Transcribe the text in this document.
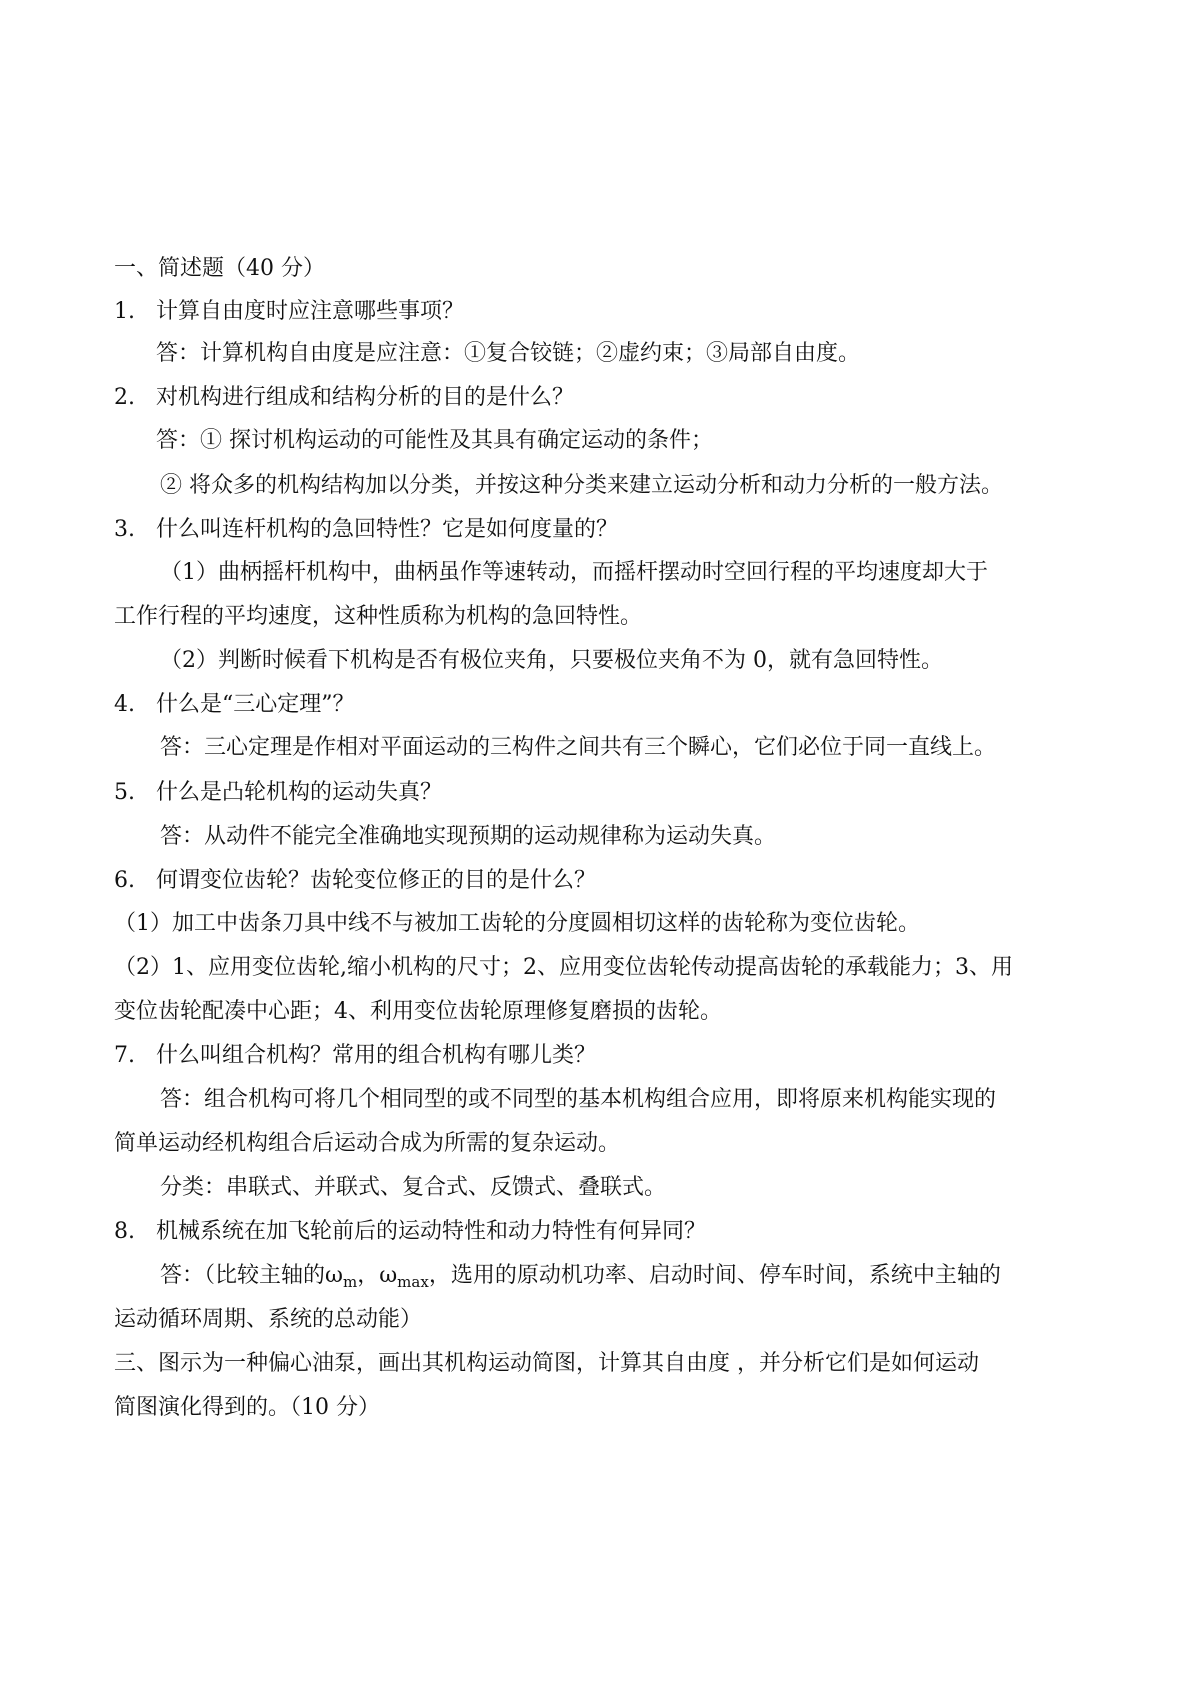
一、简述题（40 分）
1. 计算自由度时应注意哪些事项？
答：计算机构自由度是应注意：①复合铰链；②虚约束；③局部自由度。
2. 对机构进行组成和结构分析的目的是什么？
答：① 探讨机构运动的可能性及其具有确定运动的条件；
② 将众多的机构结构加以分类，并按这种分类来建立运动分析和动力分析的一般方法。
3. 什么叫连杆机构的急回特性？它是如何度量的？
（1）曲柄摇杆机构中，曲柄虽作等速转动，而摇杆摆动时空回行程的平均速度却大于
工作行程的平均速度，这种性质称为机构的急回特性。
（2）判断时候看下机构是否有极位夹角，只要极位夹角不为 0，就有急回特性。
4. 什么是“三心定理”？
答：三心定理是作相对平面运动的三构件之间共有三个瞬心，它们必位于同一直线上。
5. 什么是凸轮机构的运动失真？
答：从动件不能完全准确地实现预期的运动规律称为运动失真。
6. 何谓变位齿轮？齿轮变位修正的目的是什么？
（1）加工中齿条刀具中线不与被加工齿轮的分度圆相切这样的齿轮称为变位齿轮。
（2）1、应用变位齿轮,缩小机构的尺寸；2、应用变位齿轮传动提高齿轮的承载能力；3、用
变位齿轮配凑中心距；4、利用变位齿轮原理修复磨损的齿轮。
7. 什么叫组合机构？常用的组合机构有哪儿类？
答：组合机构可将几个相同型的或不同型的基本机构组合应用，即将原来机构能实现的
简单运动经机构组合后运动合成为所需的复杂运动。
分类：串联式、并联式、复合式、反馈式、叠联式。
8. 机械系统在加飞轮前后的运动特性和动力特性有何异同？
答：（比较主轴的$\omega_m$，$\omega_{max}$，选用的原动机功率、启动时间、停车时间，系统中主轴的
运动循环周期、系统的总动能）
三、图示为一种偏心油泵，画出其机构运动简图，计算其自由度 ，并分析它们是如何运动
简图演化得到的。（10 分）
